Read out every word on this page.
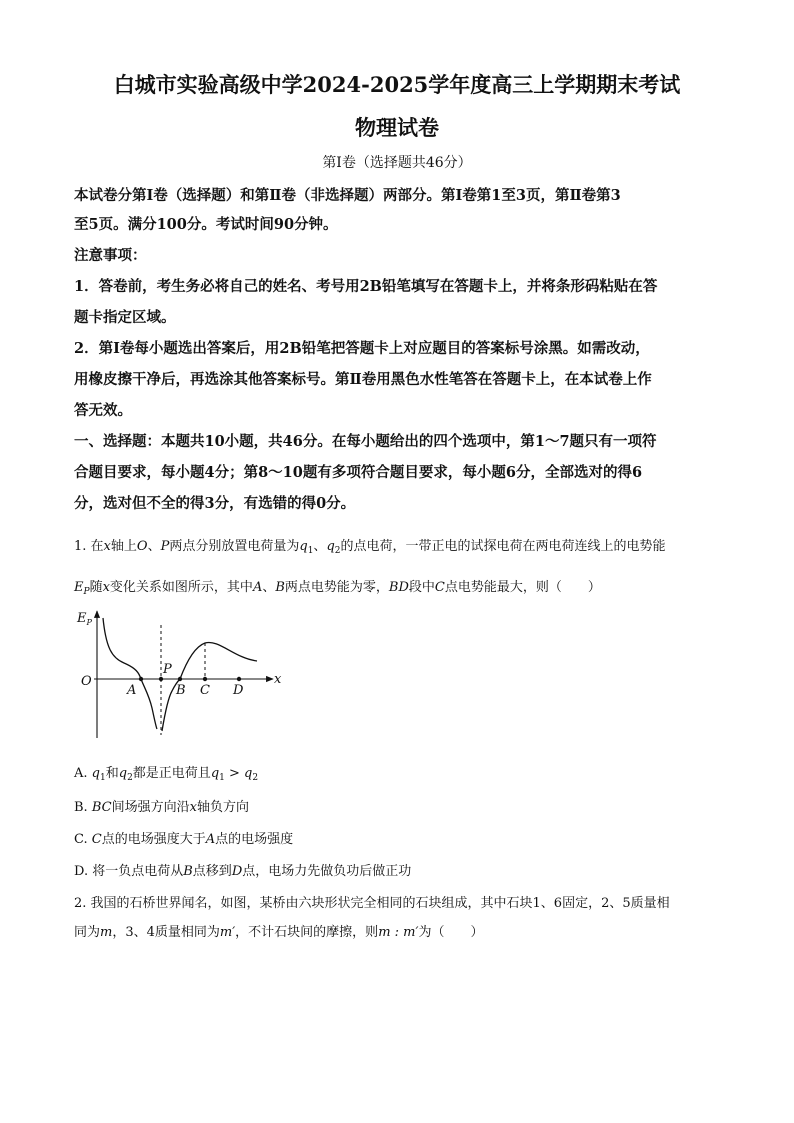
白城市实验高级中学2024-2025学年度高三上学期期末考试
物理试卷
第Ⅰ卷（选择题共46分）
本试卷分第Ⅰ卷（选择题）和第Ⅱ卷（非选择题）两部分。第Ⅰ卷第1至3页，第Ⅱ卷第3
至5页。满分100分。考试时间90分钟。
注意事项：
1．答卷前，考生务必将自己的姓名、考号用2B铅笔填写在答题卡上，并将条形码粘贴在答
题卡指定区域。
2．第Ⅰ卷每小题选出答案后，用2B铅笔把答题卡上对应题目的答案标号涂黑。如需改动，
用橡皮擦干净后，再选涂其他答案标号。第Ⅱ卷用黑色水性笔答在答题卡上，在本试卷上作
答无效。
一、选择题：本题共10小题，共46分。在每小题给出的四个选项中，第1～7题只有一项符
合题目要求，每小题4分；第8～10题有多项符合题目要求，每小题6分，全部选对的得6
分，选对但不全的得3分，有选错的得0分。
1. 在x轴上O、P两点分别放置电荷量为$q_1$、$q_2$的点电荷，一带正电的试探电荷在两电荷连线上的电势能
$E_P$随x变化关系如图所示，其中A、B两点电势能为零，BD段中C点电势能最大，则（　　）
$E_P$
x
O
A
P
B C D
A. $q_1$和$q_2$都是正电荷且$q_1 > q_2$
B. BC间场强方向沿x轴负方向
C. C点的电场强度大于A点的电场强度
D. 将一负点电荷从B点移到D点，电场力先做负功后做正功
2. 我国的石桥世界闻名，如图，某桥由六块形状完全相同的石块组成，其中石块1、6固定，2、5质量相
同为m，3、4质量相同为m′，不计石块间的摩擦，则m : m′为（　　）
